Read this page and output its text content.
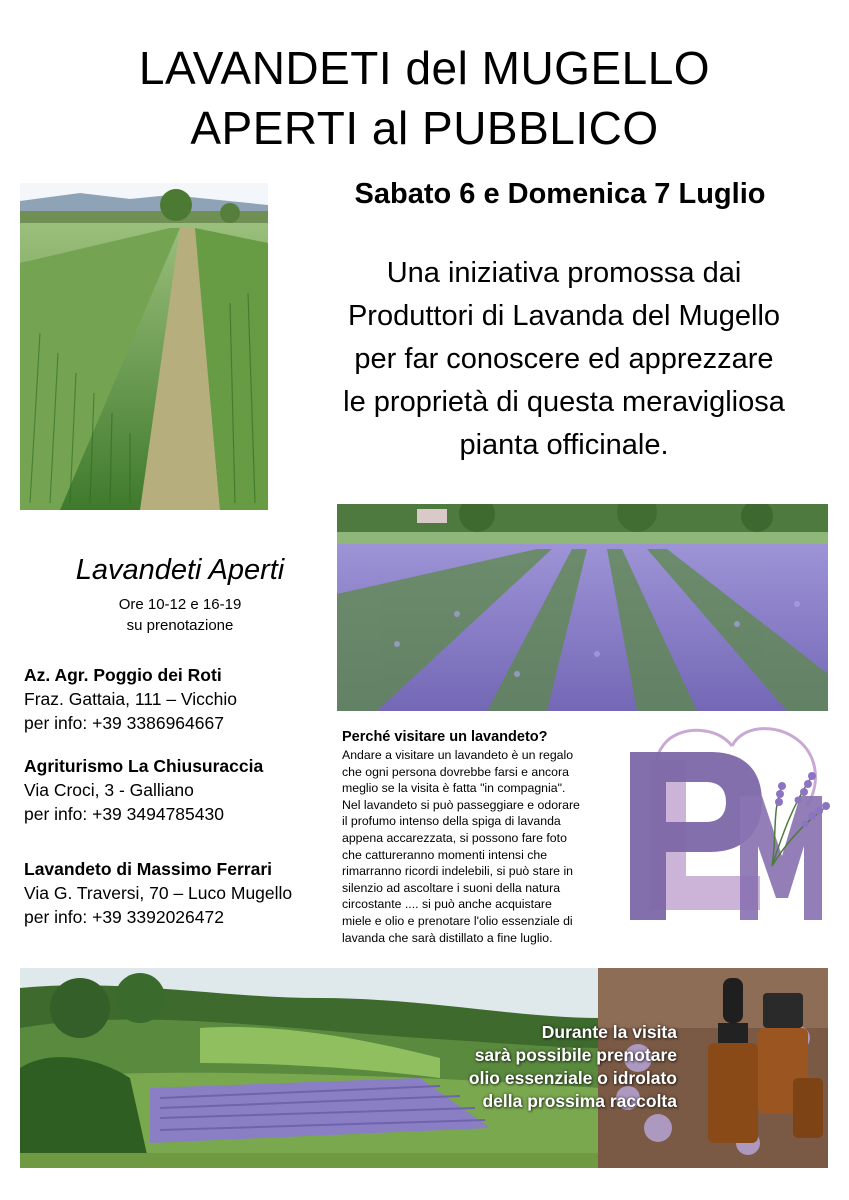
LAVANDETI del MUGELLO
APERTI al PUBBLICO
Sabato 6 e Domenica 7 Luglio
Una iniziativa promossa dai
Produttori di Lavanda del Mugello
per far conoscere ed apprezzare
le proprietà di questa meravigliosa
pianta officinale.
Lavandeti Aperti
Ore 10-12 e 16-19
su prenotazione
Az. Agr. Poggio dei Roti
Fraz. Gattaia, 111 – Vicchio
per info: +39 3386964667
Agriturismo La Chiusuraccia
Via Croci, 3 - Galliano
per info: +39 3494785430
Lavandeto di Massimo Ferrari
Via G. Traversi, 70 – Luco Mugello
per info: +39 3392026472
Perché visitare un lavandeto?
Andare a visitare un lavandeto è un regalo
che ogni persona dovrebbe farsi e ancora
meglio se la visita è fatta "in compagnia".
Nel lavandeto si può passeggiare e odorare
il profumo intenso della spiga di lavanda
appena accarezzata, si possono fare foto
che cattureranno momenti intensi che
rimarranno ricordi indelebili, si può stare in
silenzio ad ascoltare i suoni della natura
circostante .... si può anche acquistare
miele e olio e prenotare l'olio essenziale di
lavanda che sarà distillato a fine luglio.
Durante la visita
sarà possibile prenotare
olio essenziale o idrolato
della prossima raccolta
